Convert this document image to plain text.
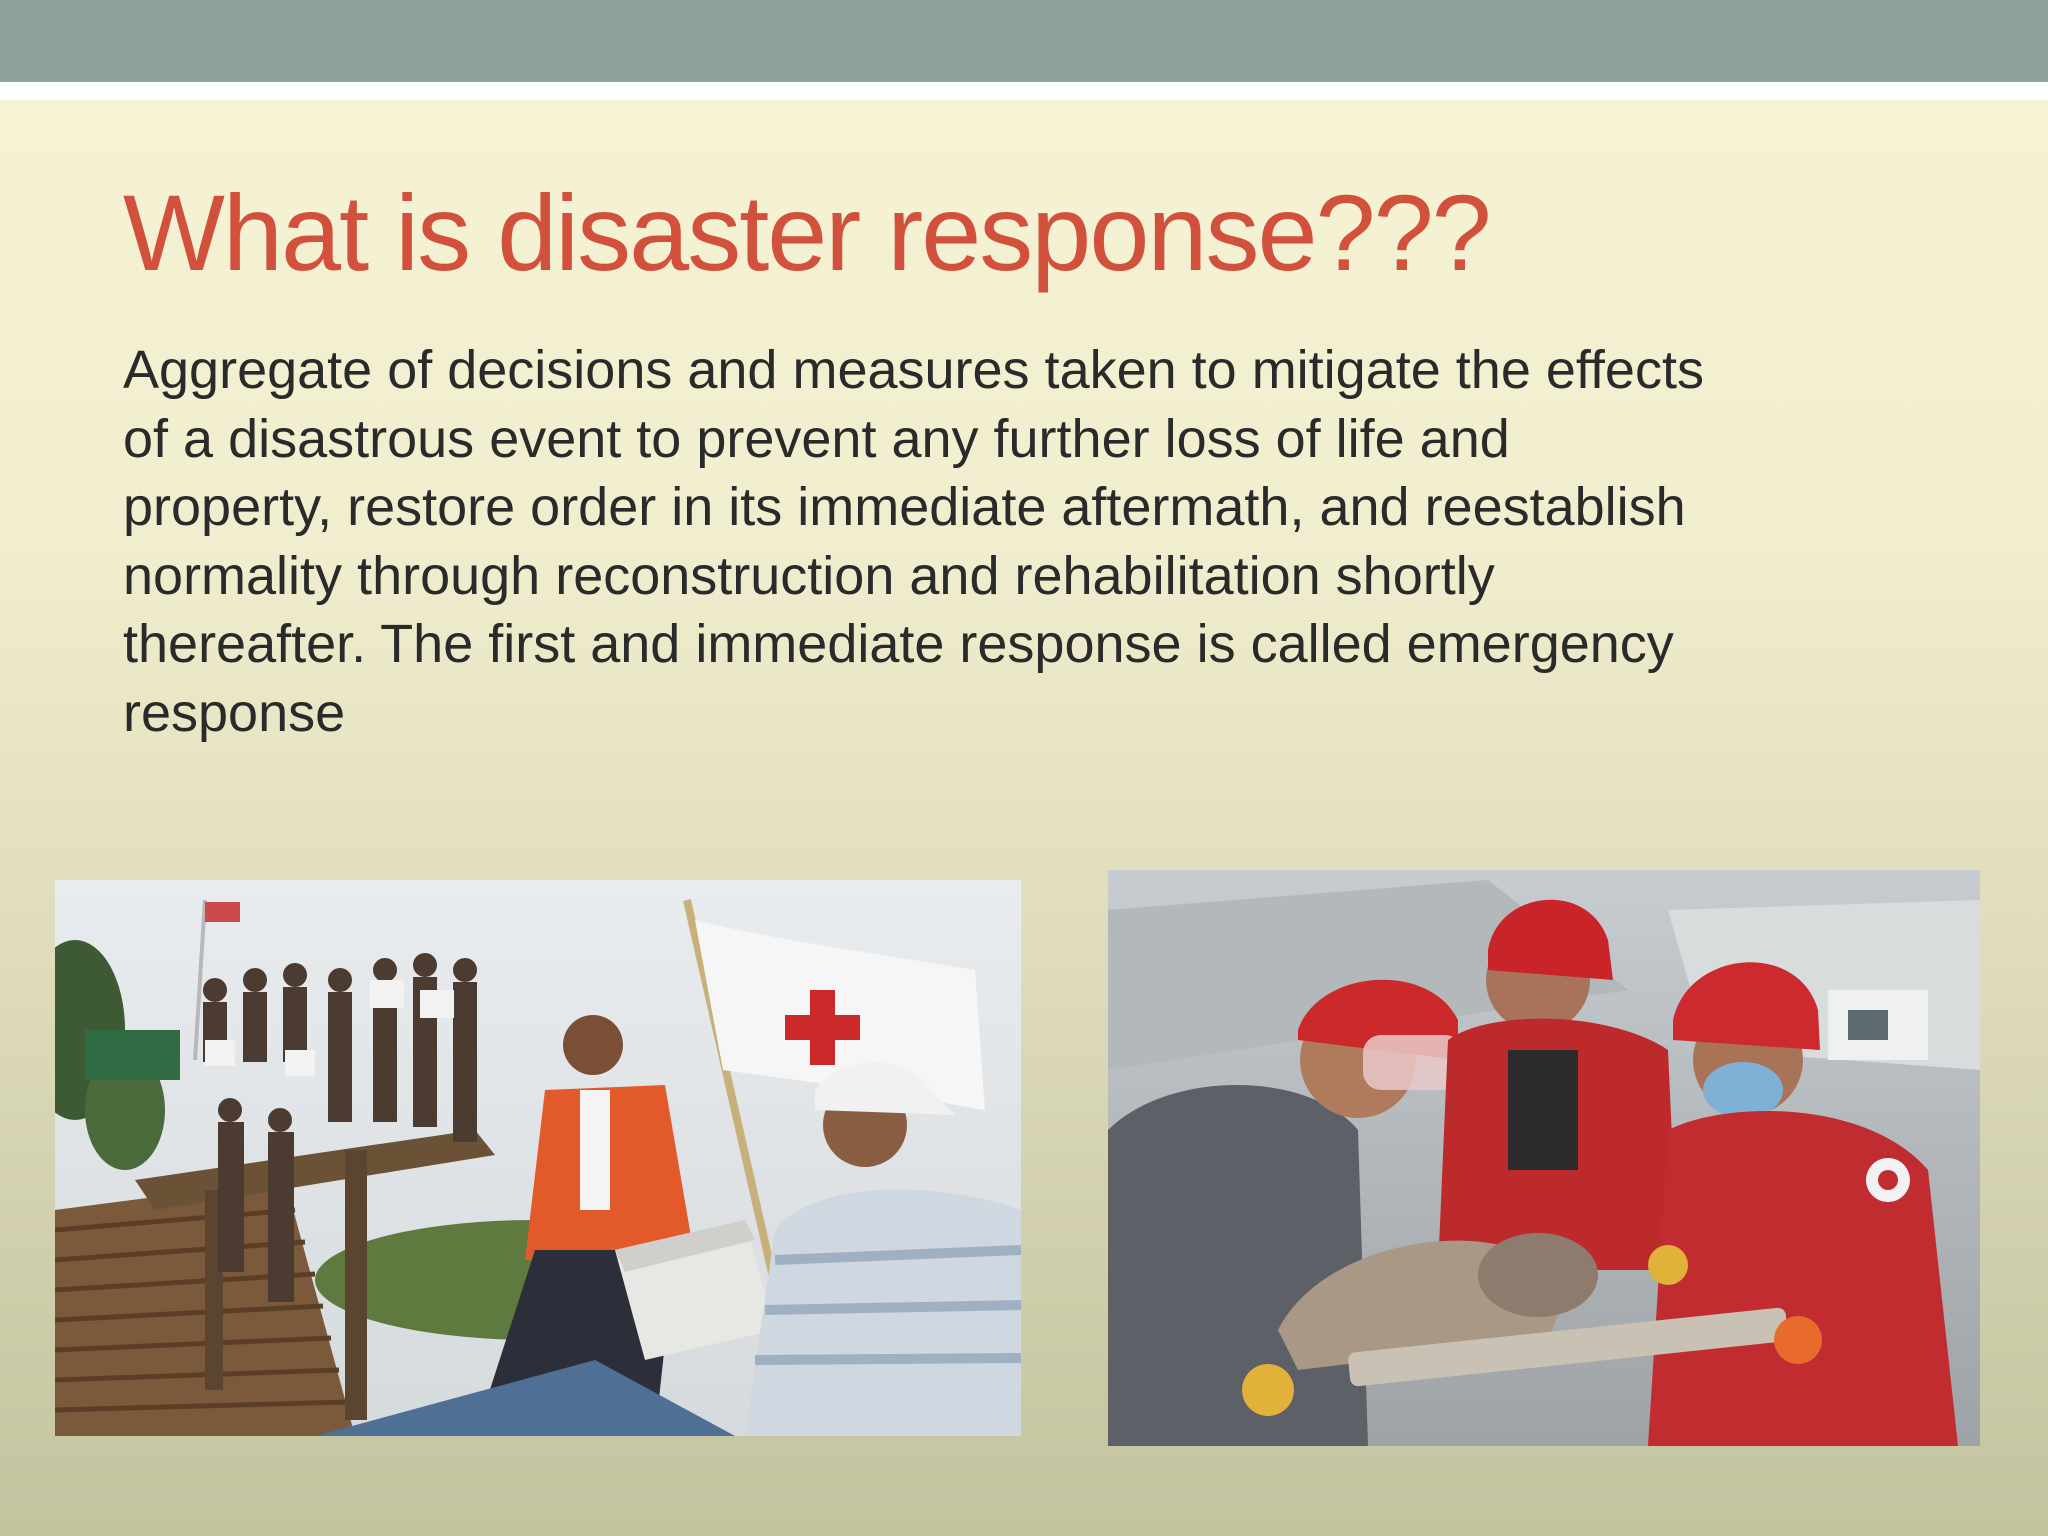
What is disaster response???

Aggregate of decisions and measures taken to mitigate the effects
of a disastrous event to prevent any further loss of life and
property, restore order in its immediate aftermath, and reestablish
normality through reconstruction and rehabilitation shortly
thereafter. The first and immediate response is called emergency
response
